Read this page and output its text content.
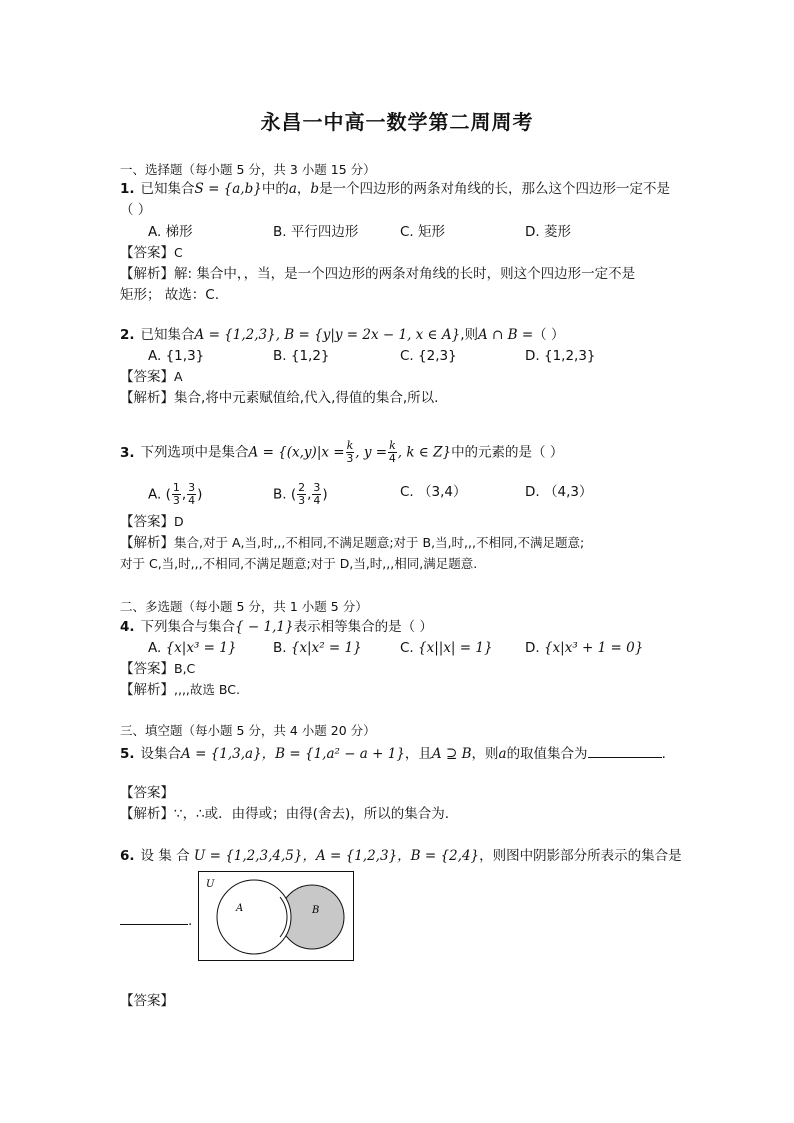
永昌一中高一数学第二周周考
一、选择题（每小题 5 分，共 3 小题 15 分）
1. 已知集合S = {a,b}中的a，b是一个四边形的两条对角线的长，那么这个四边形一定不是
（ ）
A. 梯形	B. 平行四边形	C. 矩形	D. 菱形
【答案】C
【解析】解: 集合中，，当，是一个四边形的两条对角线的长时，则这个四边形一定不是
矩形； 故选：C.
2. 已知集合A = {1,2,3}, B = {y|y = 2x − 1, x ∈ A},则A ∩ B =（ ）
A. {1,3}	B. {1,2}	C. {2,3}	D. {1,2,3}
【答案】A
【解析】集合,将中元素赋值给,代入,得值的集合,所以.
3. 下列选项中是集合$A = \{(x,y)|x = \frac{k}{3}$ , $y = \frac{k}{4}$ , k ∈ Z}中的元素的是（ ）
A. ( $\frac{1}{3}$ , $\frac{3}{4}$ )	B. ( $\frac{2}{3}$ , $\frac{3}{4}$ )	C. （3,4）	D. （4,3）
【答案】D
【解析】集合,对于 A,当,时,,,不相同,不满足题意;对于 B,当,时,,,不相同,不满足题意;
对于 C,当,时,,,不相同,不满足题意;对于 D,当,时,,,相同,满足题意.
二、多选题（每小题 5 分，共 1 小题 5 分）
4. 下列集合与集合{ − 1,1}表示相等集合的是（ ）
A. {x|x³ = 1}	B. {x|x² = 1}	C. {x||x| = 1} D. {x|x³ + 1 = 0}
【答案】B,C
【解析】,,,,故选 BC.
三、填空题（每小题 5 分，共 4 小题 20 分）
5. 设集合A = {1,3,a}，B = {1,a² − a + 1}，且A ⊇ B，则a的取值集合为	.
【答案】
【解析】∵，∴或．由得或；由得(舍去)，所以的集合为.
6. 设 集 合 U = {1,2,3,4,5}，A = {1,2,3}，B = {2,4}，则图中阴影部分所表示的集合是
.
U
A	B
【答案】
